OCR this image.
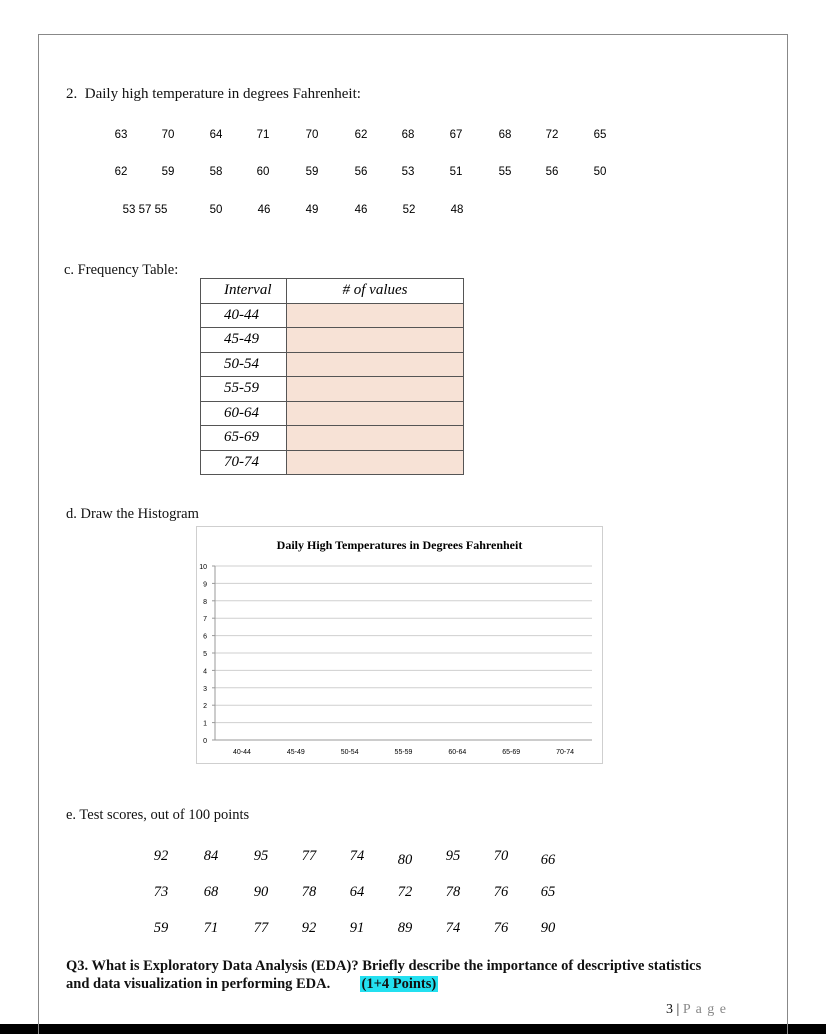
2.  Daily high temperature in degrees Fahrenheit:
63	70	64	71	70	62	68	67	68	72	65
62	59	58	60	59	56	53	51	55	56	50
53 57 55	50	46	49	46	52	48
c. Frequency Table:
Interval	# of values
40-44	
45-49	
50-54	
55-59	
60-64	
65-69	
70-74	
d. Draw the Histogram
Daily High Temperatures in Degrees Fahrenheit
0
1
2
3
4
5
6
7
8
9
10
40-44	45-49	50-54	55-59	60-64	65-69	70-74
e. Test scores, out of 100 points
92 84 95 77 74 80 95 70 66
73 68 90 78 64 72 78 76 65
59 71 77 92 91 89 74 76 90
Q3. What is Exploratory Data Analysis (EDA)? Briefly describe the importance of descriptive statistics and data visualization in performing EDA. (1+4 Points)
3 | P a g e
